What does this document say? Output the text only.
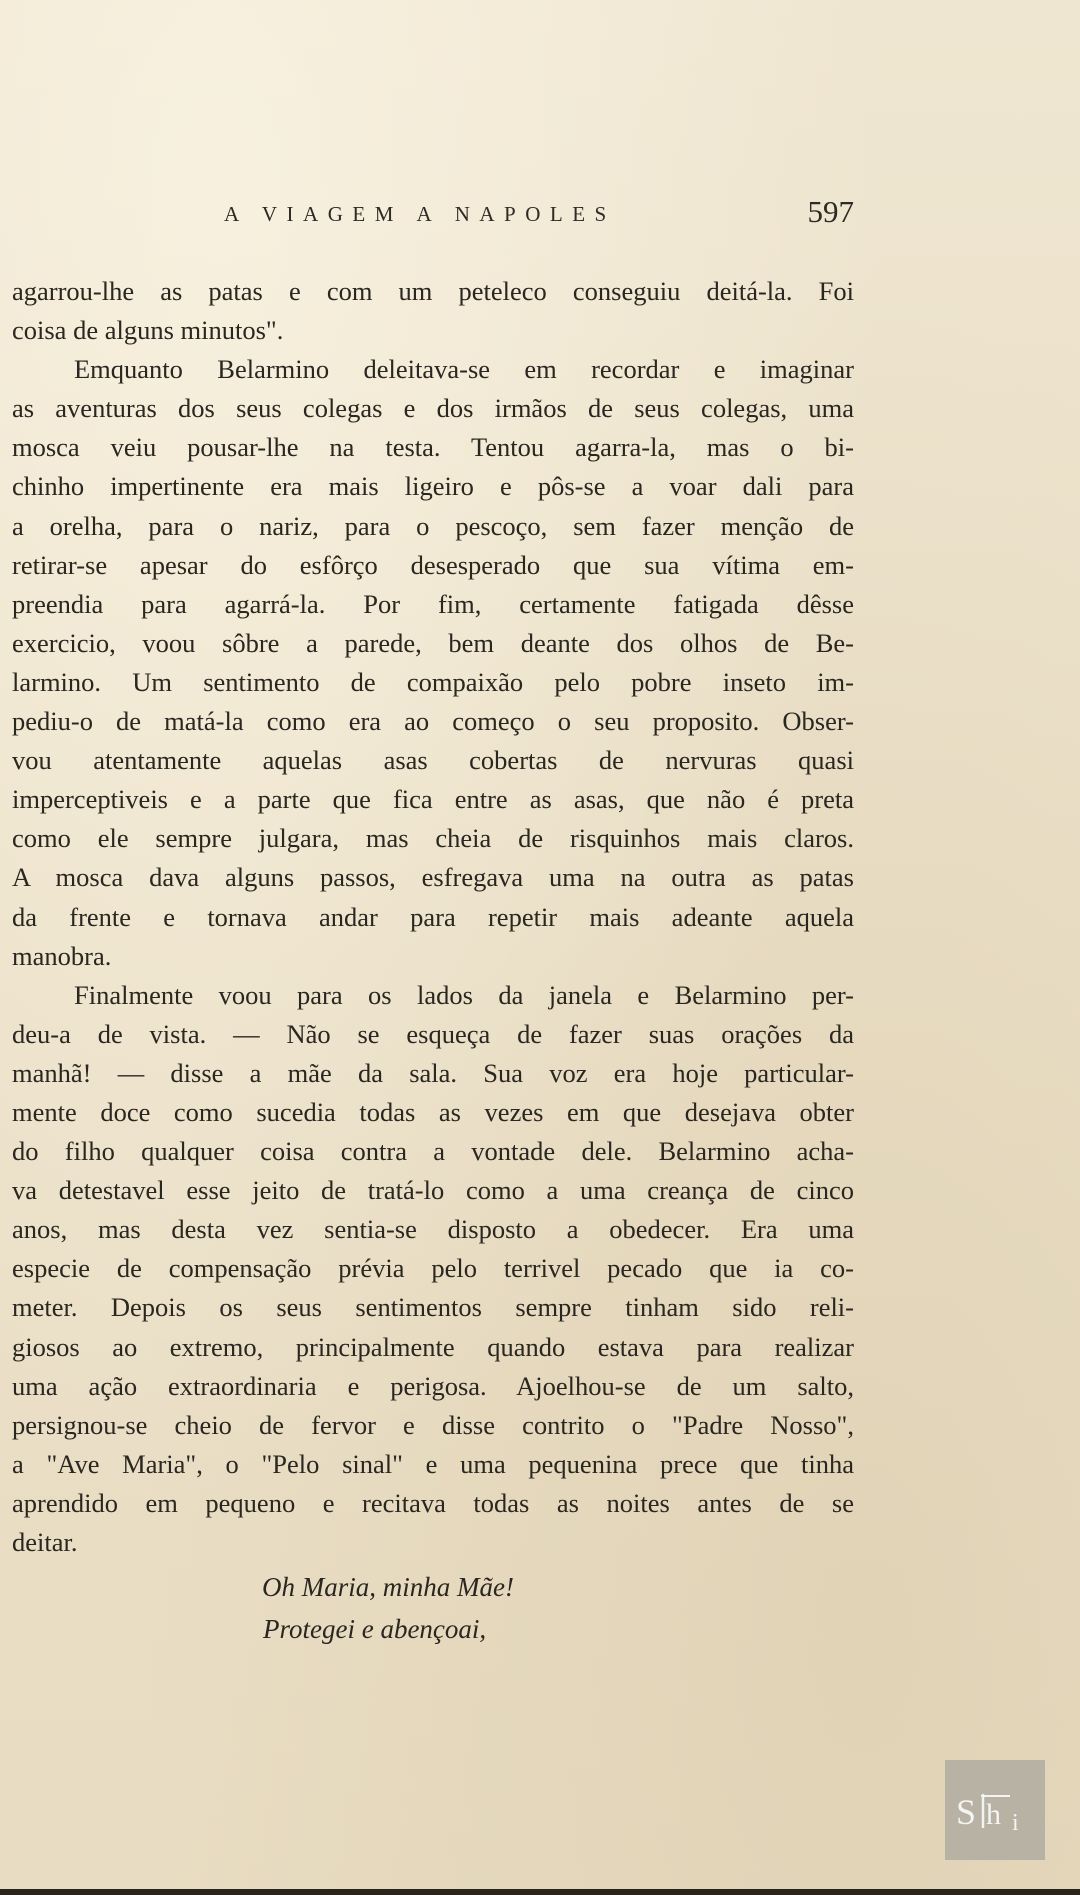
A VIAGEM A NAPOLES	597
agarrou-lhe as patas e com um peteleco conseguiu deitá-la. Foi
coisa de alguns minutos".
Emquanto Belarmino deleitava-se em recordar e imaginar
as aventuras dos seus colegas e dos irmãos de seus colegas, uma
mosca veiu pousar-lhe na testa. Tentou agarra-la, mas o bi-
chinho impertinente era mais ligeiro e pôs-se a voar dali para
a orelha, para o nariz, para o pescoço, sem fazer menção de
retirar-se apesar do esfôrço desesperado que sua vítima em-
preendia para agarrá-la. Por fim, certamente fatigada dêsse
exercicio, voou sôbre a parede, bem deante dos olhos de Be-
larmino. Um sentimento de compaixão pelo pobre inseto im-
pediu-o de matá-la como era ao começo o seu proposito. Obser-
vou atentamente aquelas asas cobertas de nervuras quasi
imperceptiveis e a parte que fica entre as asas, que não é preta
como ele sempre julgara, mas cheia de risquinhos mais claros.
A mosca dava alguns passos, esfregava uma na outra as patas
da frente e tornava andar para repetir mais adeante aquela
manobra.
Finalmente voou para os lados da janela e Belarmino per-
deu-a de vista. — Não se esqueça de fazer suas orações da
manhã! — disse a mãe da sala. Sua voz era hoje particular-
mente doce como sucedia todas as vezes em que desejava obter
do filho qualquer coisa contra a vontade dele. Belarmino acha-
va detestavel esse jeito de tratá-lo como a uma creança de cinco
anos, mas desta vez sentia-se disposto a obedecer. Era uma
especie de compensação prévia pelo terrivel pecado que ia co-
meter. Depois os seus sentimentos sempre tinham sido reli-
giosos ao extremo, principalmente quando estava para realizar
uma ação extraordinaria e perigosa. Ajoelhou-se de um salto,
persignou-se cheio de fervor e disse contrito o "Padre Nosso",
a "Ave Maria", o "Pelo sinal" e uma pequenina prece que tinha
aprendido em pequeno e recitava todas as noites antes de se
deitar.
Oh Maria, minha Mãe!
Protegei e abençoai,
S h i
